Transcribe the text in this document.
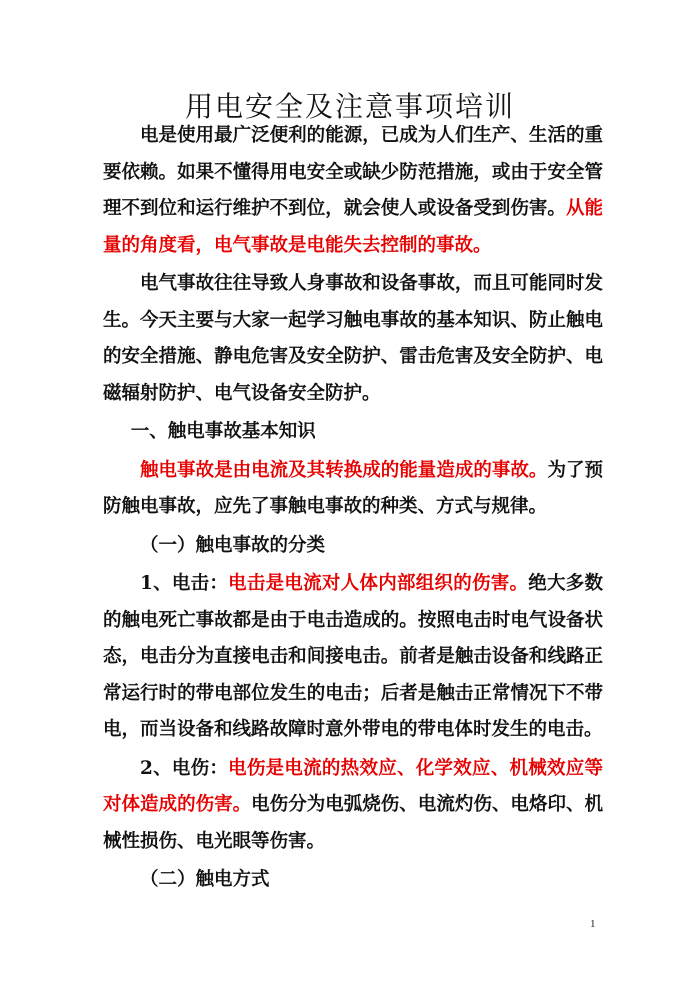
用电安全及注意事项培训

电是使用最广泛便利的能源，已成为人们生产、生活的重要依赖。如果不懂得用电安全或缺少防范措施，或由于安全管理不到位和运行维护不到位，就会使人或设备受到伤害。从能量的角度看，电气事故是电能失去控制的事故。

电气事故往往导致人身事故和设备事故，而且可能同时发生。今天主要与大家一起学习触电事故的基本知识、防止触电的安全措施、静电危害及安全防护、雷击危害及安全防护、电磁辐射防护、电气设备安全防护。

一、触电事故基本知识

触电事故是由电流及其转换成的能量造成的事故。为了预防触电事故，应先了事触电事故的种类、方式与规律。

（一）触电事故的分类

1、电击：电击是电流对人体内部组织的伤害。绝大多数的触电死亡事故都是由于电击造成的。按照电击时电气设备状态，电击分为直接电击和间接电击。前者是触击设备和线路正常运行时的带电部位发生的电击；后者是触击正常情况下不带电，而当设备和线路故障时意外带电的带电体时发生的电击。

2、电伤：电伤是电流的热效应、化学效应、机械效应等对体造成的伤害。电伤分为电弧烧伤、电流灼伤、电烙印、机械性损伤、电光眼等伤害。

（二）触电方式

1
